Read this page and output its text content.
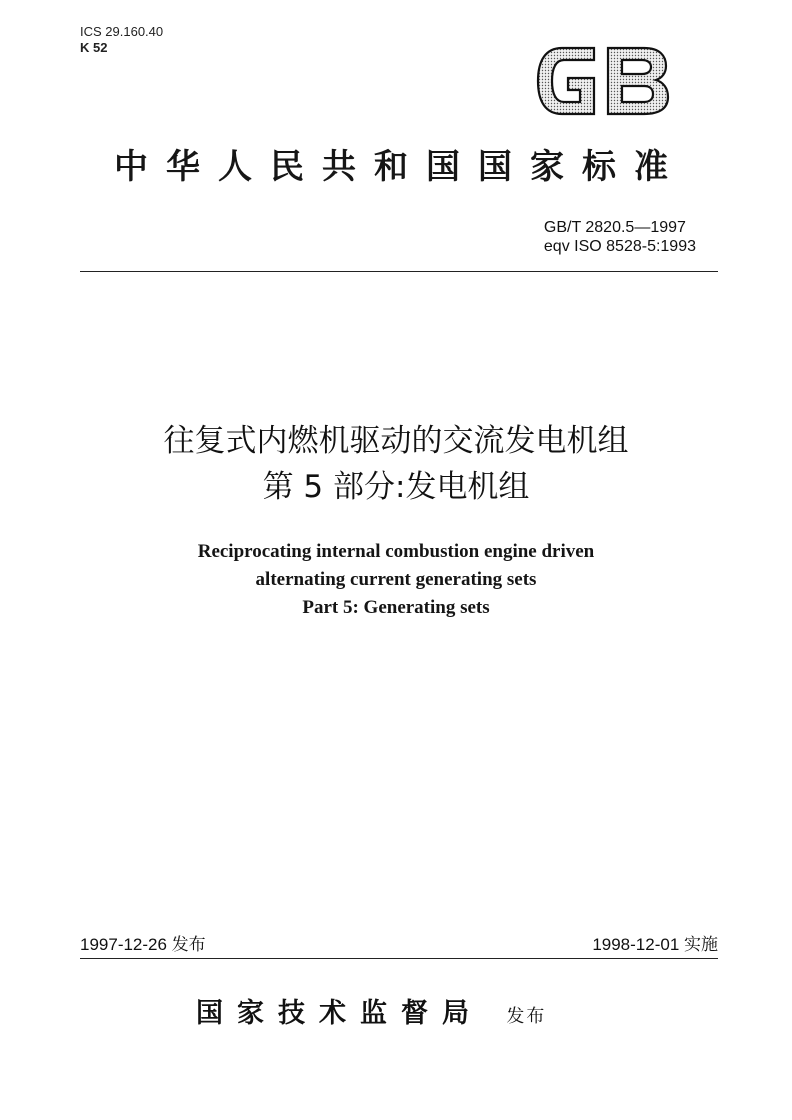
ICS 29.160.40
K 52
GB
中华人民共和国国家标准
GB/T 2820.5—1997
eqv ISO 8528-5:1993
往复式内燃机驱动的交流发电机组
第 5 部分:发电机组
Reciprocating internal combustion engine driven
alternating current generating sets
Part 5: Generating sets
1997-12-26 发布	1998-12-01 实施
国家技术监督局 发布
